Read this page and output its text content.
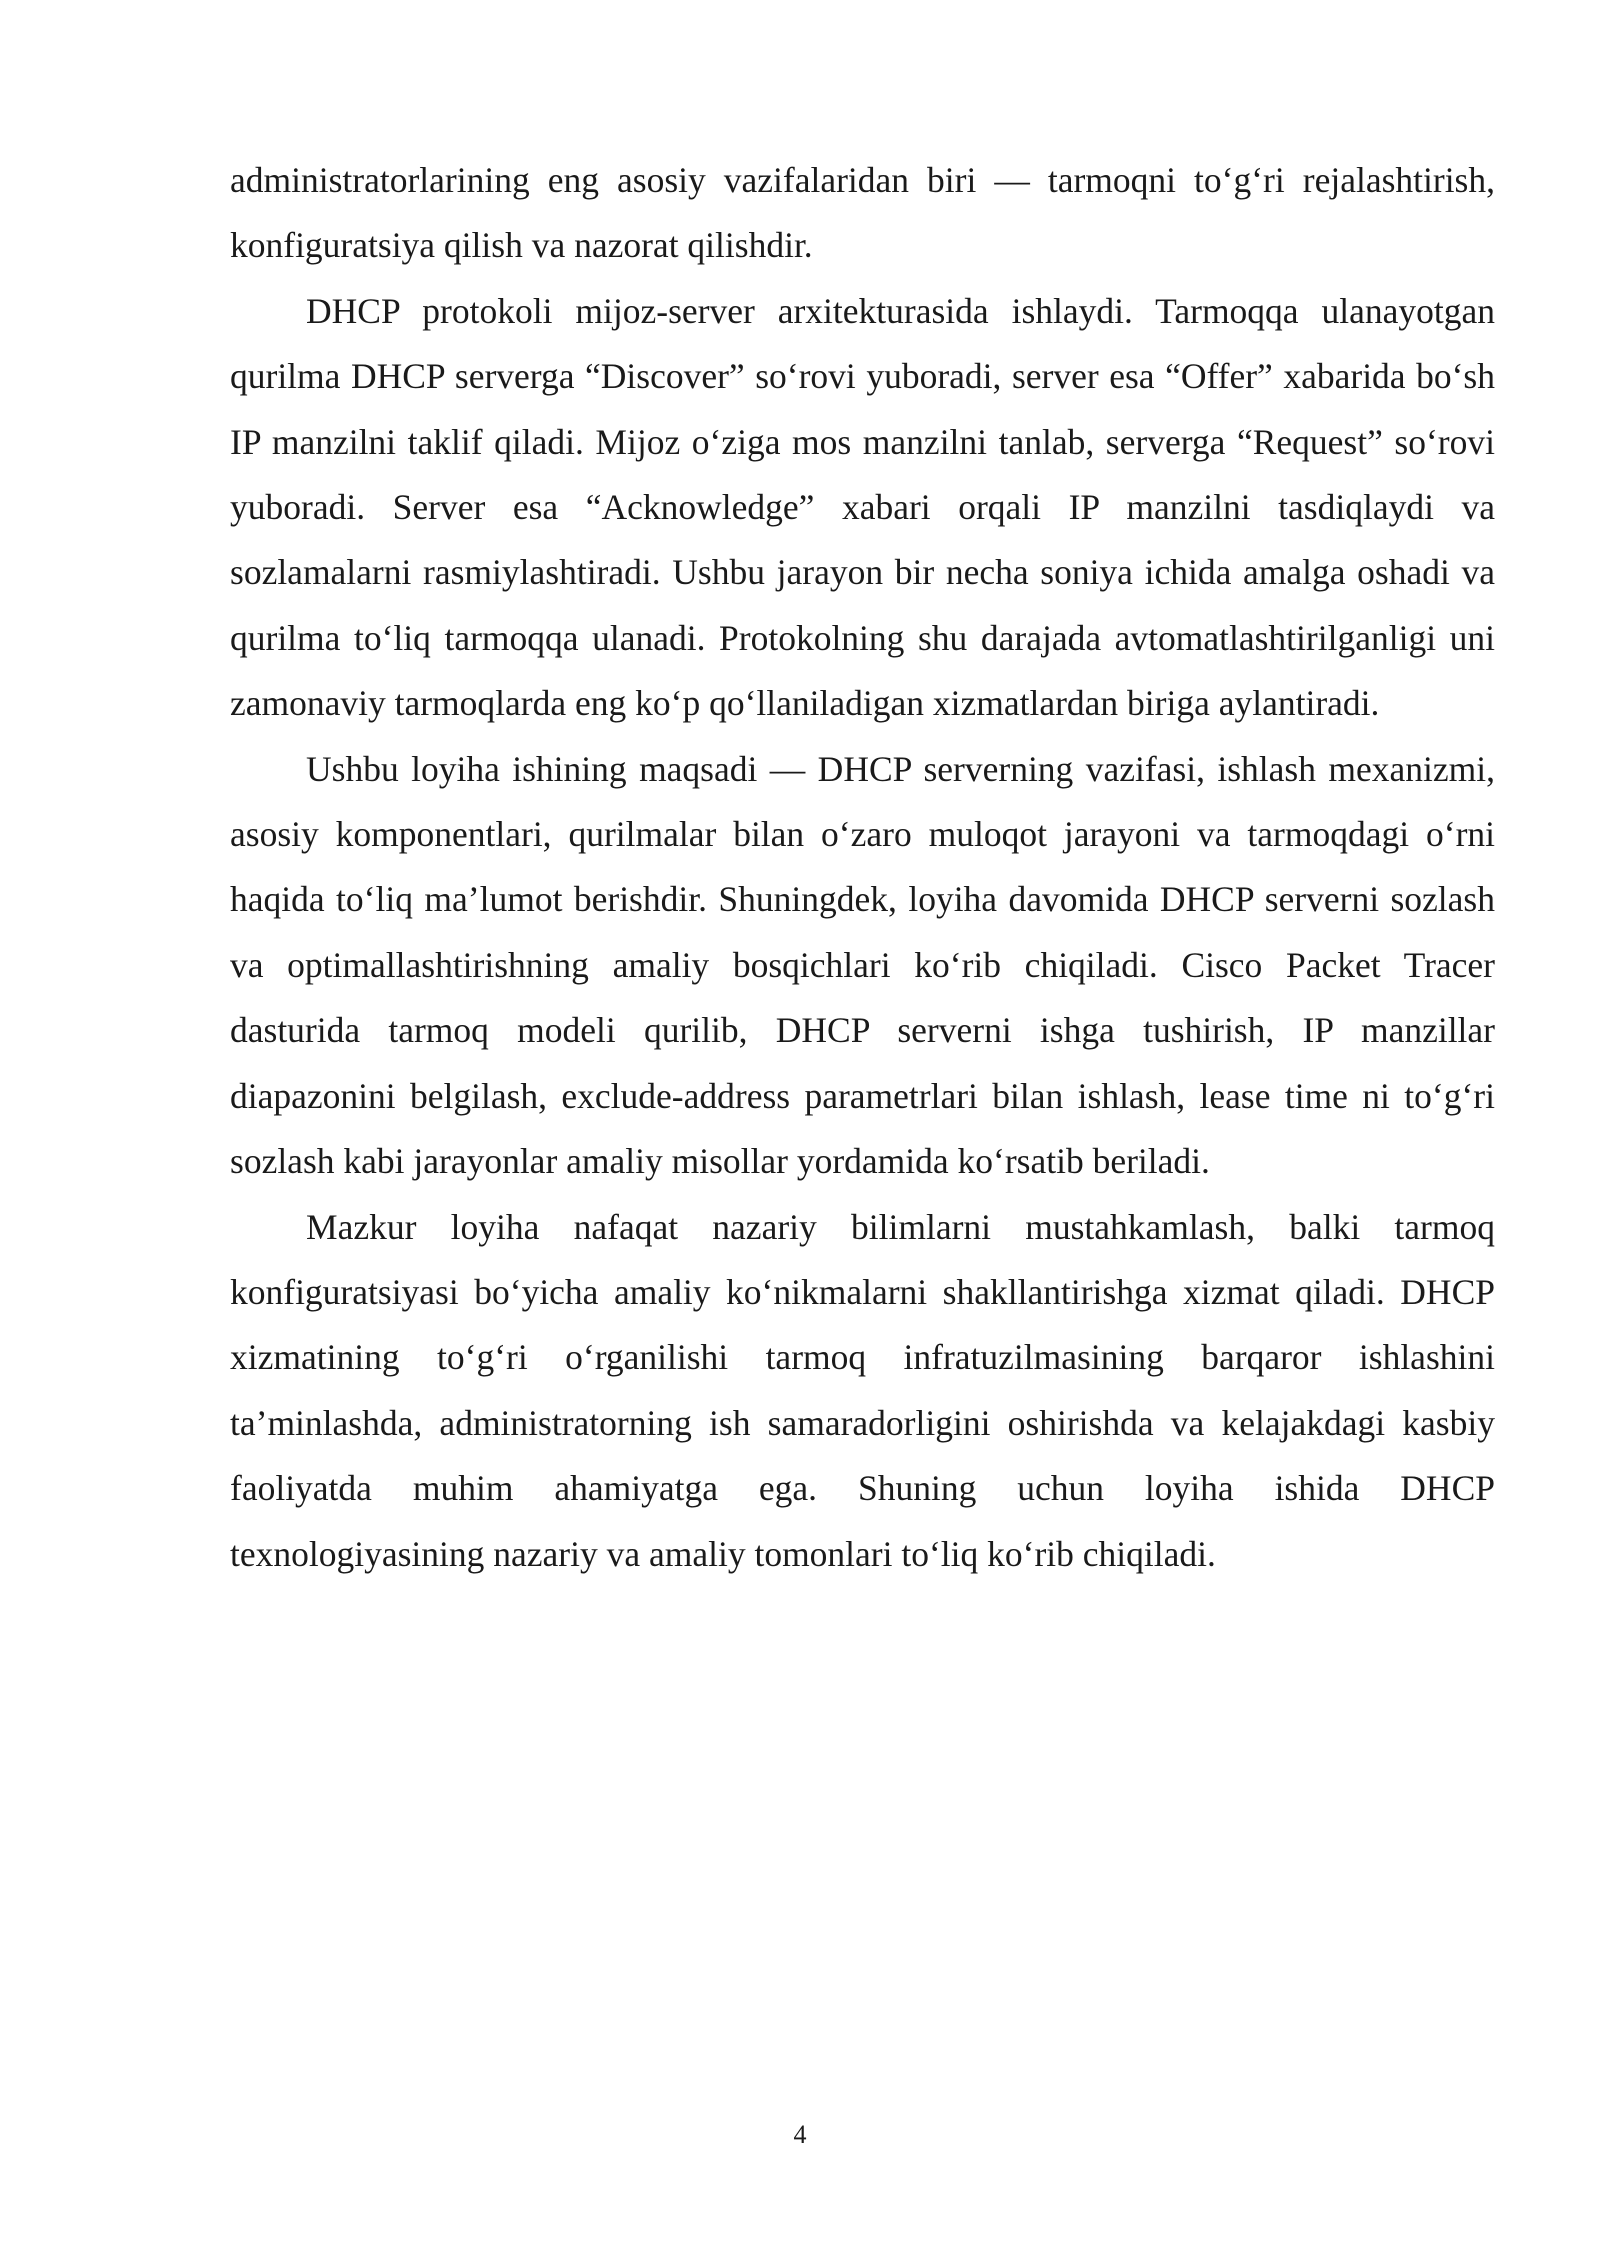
administratorlarining eng asosiy vazifalaridan biri — tarmoqni to‘g‘ri rejalashtirish, konfiguratsiya qilish va nazorat qilishdir.

DHCP protokoli mijoz-server arxitekturasida ishlaydi. Tarmoqqa ulanayotgan qurilma DHCP serverga “Discover” so‘rovi yuboradi, server esa “Offer” xabarida bo‘sh IP manzilni taklif qiladi. Mijoz o‘ziga mos manzilni tanlab, serverga “Request” so‘rovi yuboradi. Server esa “Acknowledge” xabari orqali IP manzilni tasdiqlaydi va sozlamalarni rasmiylashtiradi. Ushbu jarayon bir necha soniya ichida amalga oshadi va qurilma to‘liq tarmoqqa ulanadi. Protokolning shu darajada avtomatlashtirilganligi uni zamonaviy tarmoqlarda eng ko‘p qo‘llaniladigan xizmatlardan biriga aylantiradi.

Ushbu loyiha ishining maqsadi — DHCP serverning vazifasi, ishlash mexanizmi, asosiy komponentlari, qurilmalar bilan o‘zaro muloqot jarayoni va tarmoqdagi o‘rni haqida to‘liq ma’lumot berishdir. Shuningdek, loyiha davomida DHCP serverni sozlash va optimallashtirishning amaliy bosqichlari ko‘rib chiqiladi. Cisco Packet Tracer dasturida tarmoq modeli qurilib, DHCP serverni ishga tushirish, IP manzillar diapazonini belgilash, exclude-address parametrlari bilan ishlash, lease time ni to‘g‘ri sozlash kabi jarayonlar amaliy misollar yordamida ko‘rsatib beriladi.

Mazkur loyiha nafaqat nazariy bilimlarni mustahkamlash, balki tarmoq konfiguratsiyasi bo‘yicha amaliy ko‘nikmalarni shakllantirishga xizmat qiladi. DHCP xizmatining to‘g‘ri o‘rganilishi tarmoq infratuzilmasining barqaror ishlashini ta’minlashda, administratorning ish samaradorligini oshirishda va kelajakdagi kasbiy faoliyatda muhim ahamiyatga ega. Shuning uchun loyiha ishida DHCP texnologiyasining nazariy va amaliy tomonlari to‘liq ko‘rib chiqiladi.

4
